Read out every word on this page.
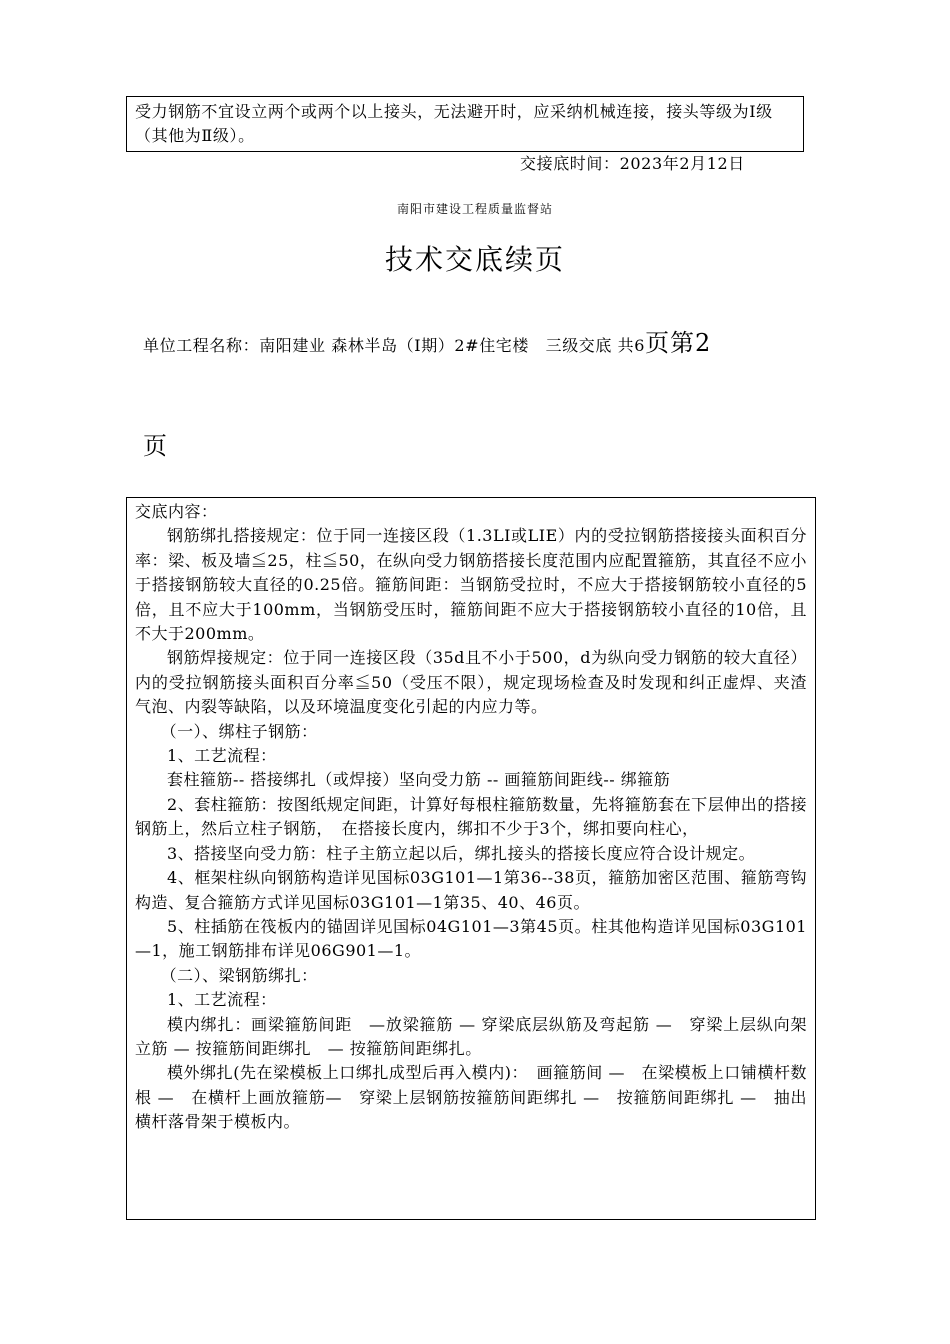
受力钢筋不宜设立两个或两个以上接头，无法避开时，应采纳机械连接，接头等级为Ⅰ级（其他为Ⅱ级）。
交接底时间：2023年2月12日
南阳市建设工程质量监督站
技术交底续页
单位工程名称：南阳建业 森林半岛（Ⅰ期）2#住宅楼　三级交底 共6页第2
页

交底内容：

钢筋绑扎搭接规定：位于同一连接区段（1.3LI或LIE）内的受拉钢筋搭接接头面积百分率：梁、板及墙≦25，柱≦50，在纵向受力钢筋搭接长度范围内应配置箍筋，其直径不应小于搭接钢筋较大直径的0.25倍。箍筋间距：当钢筋受拉时，不应大于搭接钢筋较小直径的5倍，且不应大于100mm，当钢筋受压时，箍筋间距不应大于搭接钢筋较小直径的10倍，且不大于200mm。

钢筋焊接规定：位于同一连接区段（35d且不小于500，d为纵向受力钢筋的较大直径）内的受拉钢筋接头面积百分率≦50（受压不限），规定现场检查及时发现和纠正虚焊、夹渣气泡、内裂等缺陷，以及环境温度变化引起的内应力等。

（一）、绑柱子钢筋：

1、工艺流程：

套柱箍筋-- 搭接绑扎（或焊接）坚向受力筋 -- 画箍筋间距线-- 绑箍筋

2、套柱箍筋：按图纸规定间距，计算好每根柱箍筋数量，先将箍筋套在下层伸出的搭接钢筋上，然后立柱子钢筋，　在搭接长度内，绑扣不少于3个，绑扣要向柱心，

3、搭接坚向受力筋：柱子主筋立起以后，绑扎接头的搭接长度应符合设计规定。

4、框架柱纵向钢筋构造详见国标03G101—1第36--38页，箍筋加密区范围、箍筋弯钩构造、复合箍筋方式详见国标03G101—1第35、40、46页。

5、柱插筋在筏板内的锚固详见国标04G101—3第45页。柱其他构造详见国标03G101—1，施工钢筋排布详见06G901—1。

（二）、梁钢筋绑扎：

1、工艺流程：

模内绑扎：画梁箍筋间距　—放梁箍筋 — 穿梁底层纵筋及弯起筋 —　穿梁上层纵向架立筋 — 按箍筋间距绑扎　— 按箍筋间距绑扎。

模外绑扎(先在梁模板上口绑扎成型后再入模内)：　画箍筋间 —　在梁模板上口铺横杆数根 —　在横杆上画放箍筋—　穿梁上层钢筋按箍筋间距绑扎 —　按箍筋间距绑扎 —　抽出横杆落骨架于模板内。
